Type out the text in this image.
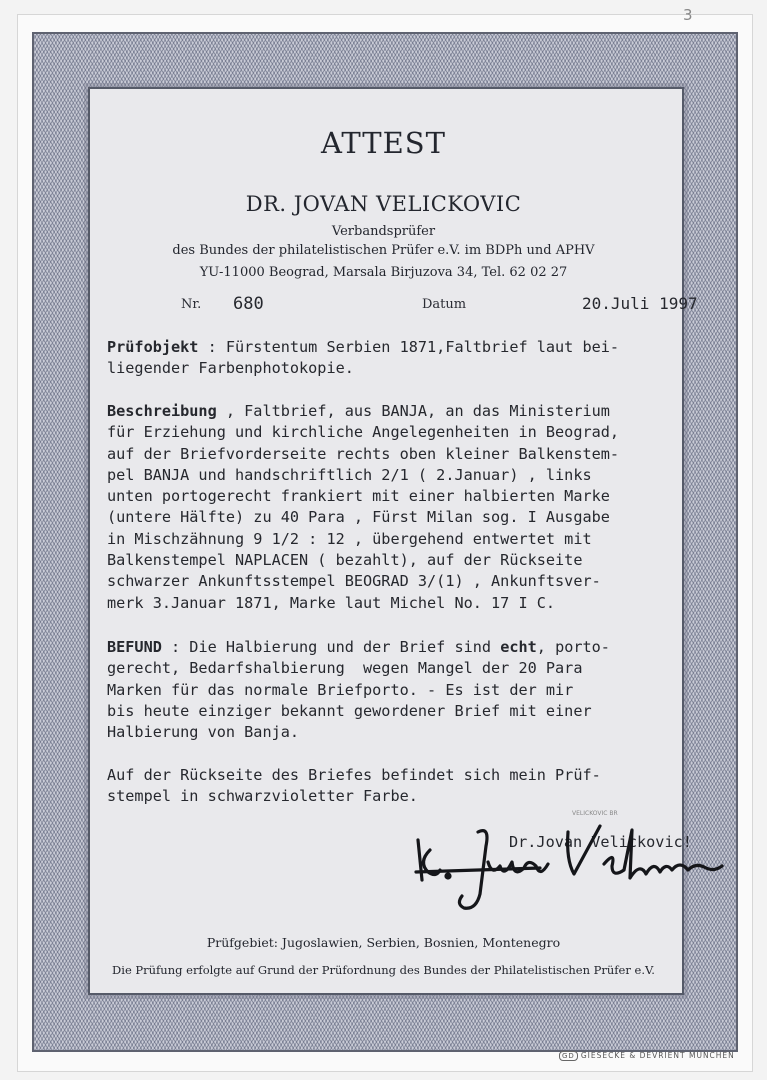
3
ATTEST
DR. JOVAN VELICKOVIC
Verbandsprüfer
des Bundes der philatelistischen Prüfer e.V. im BDPh und APHV
YU-11000 Beograd, Marsala Birjuzova 34, Tel. 62 02 27
Nr. 680	Datum	20.Juli 1997
Prüfobjekt : Fürstentum Serbien 1871,Faltbrief laut bei-
liegender Farbenphotokopie.
Beschreibung , Faltbrief, aus BANJA, an das Ministerium
für Erziehung und kirchliche Angelegenheiten in Beograd,
auf der Briefvorderseite rechts oben kleiner Balkenstem-
pel BANJA und handschriftlich 2/1 ( 2.Januar) , links
unten portogerecht frankiert mit einer halbierten Marke
(untere Hälfte) zu 40 Para , Fürst Milan sog. I Ausgabe
in Mischzähnung 9 1/2 : 12 , übergehend entwertet mit
Balkenstempel NAPLACEN ( bezahlt), auf der Rückseite
schwarzer Ankunftsstempel BEOGRAD 3/(1) , Ankunftsver-
merk 3.Januar 1871, Marke laut Michel No. 17 I C.
BEFUND : Die Halbierung und der Brief sind echt, porto-
gerecht, Bedarfshalbierung  wegen Mangel der 20 Para
Marken für das normale Briefporto. - Es ist der mir
bis heute einziger bekannt gewordener Brief mit einer
Halbierung von Banja.
Auf der Rückseite des Briefes befindet sich mein Prüf-
stempel in schwarzvioletter Farbe.
VELICKOVIC BR
Dr.Jovan Velickovic!
Prüfgebiet: Jugoslawien, Serbien, Bosnien, Montenegro
Die Prüfung erfolgte auf Grund der Prüfordnung des Bundes der Philatelistischen Prüfer e.V.
GD GIESECKE & DEVRIENT MÜNCHEN
